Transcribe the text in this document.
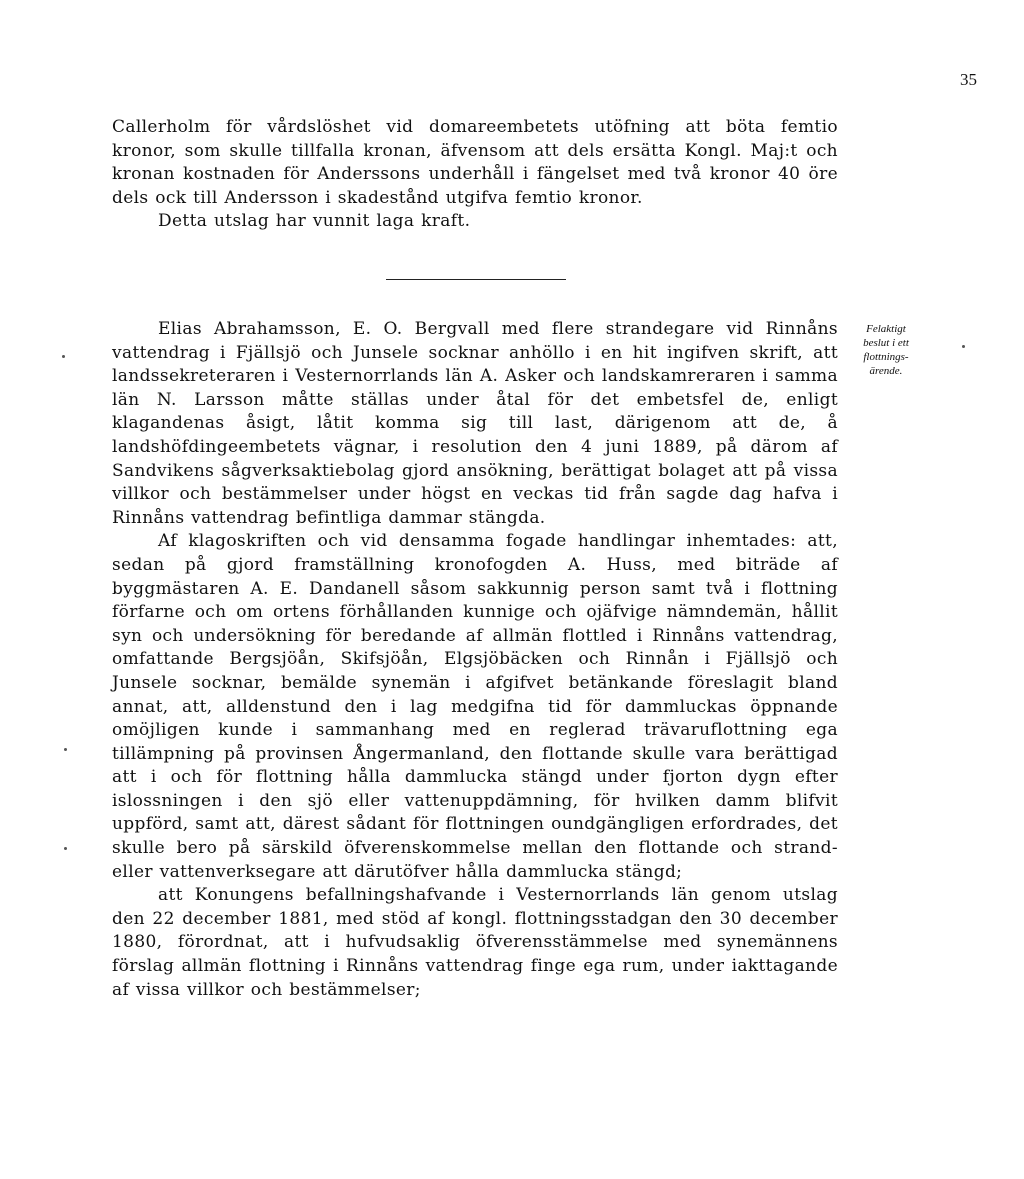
35

Callerholm för vårdslöshet vid domareembetets utöfning att böta femtio kronor, som skulle tillfalla kronan, äfvensom att dels ersätta Kongl. Maj:t och kronan kostnaden för Anderssons underhåll i fängelset med två kronor 40 öre dels ock till Andersson i skadestånd utgifva femtio kronor.

Detta utslag har vunnit laga kraft.

Elias Abrahamsson, E. O. Bergvall med flere strandegare vid Rinnåns vattendrag i Fjällsjö och Junsele socknar anhöllo i en hit ingifven skrift, att landssekreteraren i Vesternorrlands län A. Asker och landskamreraren i samma län N. Larsson måtte ställas under åtal för det embetsfel de, enligt klagandenas åsigt, låtit komma sig till last, därigenom att de, å landshöfdingeembetets vägnar, i resolution den 4 juni 1889, på därom af Sandvikens sågverksaktiebolag gjord ansökning, berättigat bolaget att på vissa villkor och bestämmelser under högst en veckas tid från sagde dag hafva i Rinnåns vattendrag befintliga dammar stängda.

Af klagoskriften och vid densamma fogade handlingar inhemtades: att, sedan på gjord framställning kronofogden A. Huss, med biträde af byggmästaren A. E. Dandanell såsom sakkunnig person samt två i flottning förfarne och om ortens förhållanden kunnige och ojäfvige nämndemän, hållit syn och undersökning för beredande af allmän flottled i Rinnåns vattendrag, omfattande Bergsjöån, Skifsjöån, Elgsjöbäcken och Rinnån i Fjällsjö och Junsele socknar, bemälde synemän i afgifvet betänkande föreslagit bland annat, att, alldenstund den i lag medgifna tid för dammluckas öppnande omöjligen kunde i sammanhang med en reglerad trävaruflottning ega tillämpning på provinsen Ångermanland, den flottande skulle vara berättigad att i och för flottning hålla dammlucka stängd under fjorton dygn efter islossningen i den sjö eller vattenuppdämning, för hvilken damm blifvit uppförd, samt att, därest sådant för flottningen oundgängligen erfordrades, det skulle bero på särskild öfverenskommelse mellan den flottande och strand- eller vattenverksegare att därutöfver hålla dammlucka stängd;

att Konungens befallningshafvande i Vesternorrlands län genom utslag den 22 december 1881, med stöd af kongl. flottningsstadgan den 30 december 1880, förordnat, att i hufvudsaklig öfverensstämmelse med synemännens förslag allmän flottning i Rinnåns vattendrag finge ega rum, under iakttagande af vissa villkor och bestämmelser;

Felaktigt
beslut i ett
flottnings-
ärende.
